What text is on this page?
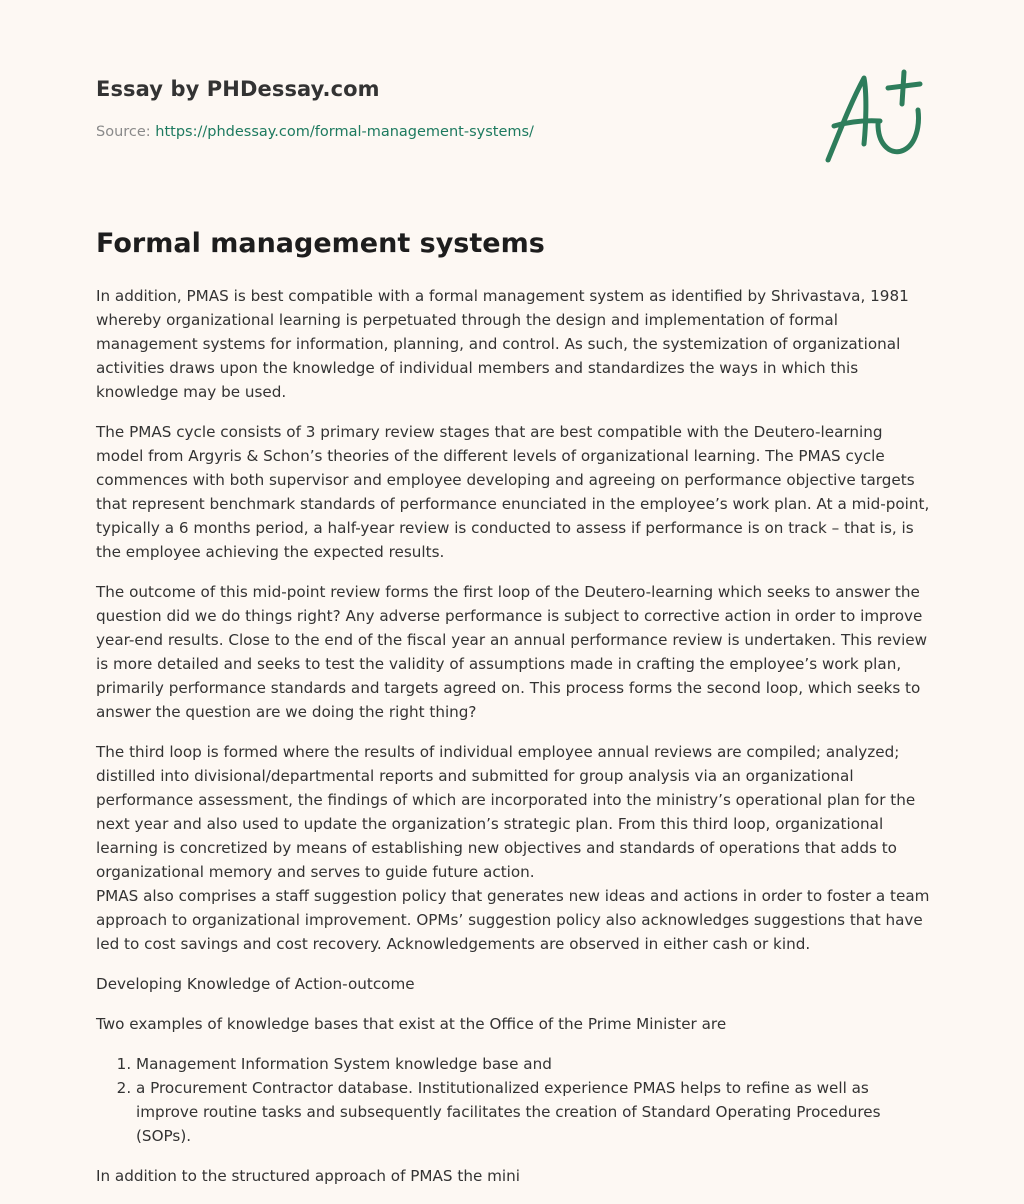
Essay by PHDessay.com

Source: https://phdessay.com/formal-management-systems/

Formal management systems

In addition, PMAS is best compatible with a formal management system as identified by Shrivastava, 1981 whereby organizational learning is perpetuated through the design and implementation of formal management systems for information, planning, and control. As such, the systemization of organizational activities draws upon the knowledge of individual members and standardizes the ways in which this knowledge may be used.

The PMAS cycle consists of 3 primary review stages that are best compatible with the Deutero-learning model from Argyris & Schon’s theories of the different levels of organizational learning. The PMAS cycle commences with both supervisor and employee developing and agreeing on performance objective targets that represent benchmark standards of performance enunciated in the employee’s work plan. At a mid-point, typically a 6 months period, a half-year review is conducted to assess if performance is on track – that is, is the employee achieving the expected results.

The outcome of this mid-point review forms the first loop of the Deutero-learning which seeks to answer the question did we do things right? Any adverse performance is subject to corrective action in order to improve year-end results. Close to the end of the fiscal year an annual performance review is undertaken. This review is more detailed and seeks to test the validity of assumptions made in crafting the employee’s work plan, primarily performance standards and targets agreed on. This process forms the second loop, which seeks to answer the question are we doing the right thing?

The third loop is formed where the results of individual employee annual reviews are compiled; analyzed; distilled into divisional/departmental reports and submitted for group analysis via an organizational performance assessment, the findings of which are incorporated into the ministry’s operational plan for the next year and also used to update the organization’s strategic plan. From this third loop, organizational learning is concretized by means of establishing new objectives and standards of operations that adds to organizational memory and serves to guide future action.

PMAS also comprises a staff suggestion policy that generates new ideas and actions in order to foster a team approach to organizational improvement. OPMs’ suggestion policy also acknowledges suggestions that have led to cost savings and cost recovery. Acknowledgements are observed in either cash or kind.

Developing Knowledge of Action-outcome

Two examples of knowledge bases that exist at the Office of the Prime Minister are

1. Management Information System knowledge base and
2. a Procurement Contractor database. Institutionalized experience PMAS helps to refine as well as improve routine tasks and subsequently facilitates the creation of Standard Operating Procedures (SOPs).

In addition to the structured approach of PMAS the mini
